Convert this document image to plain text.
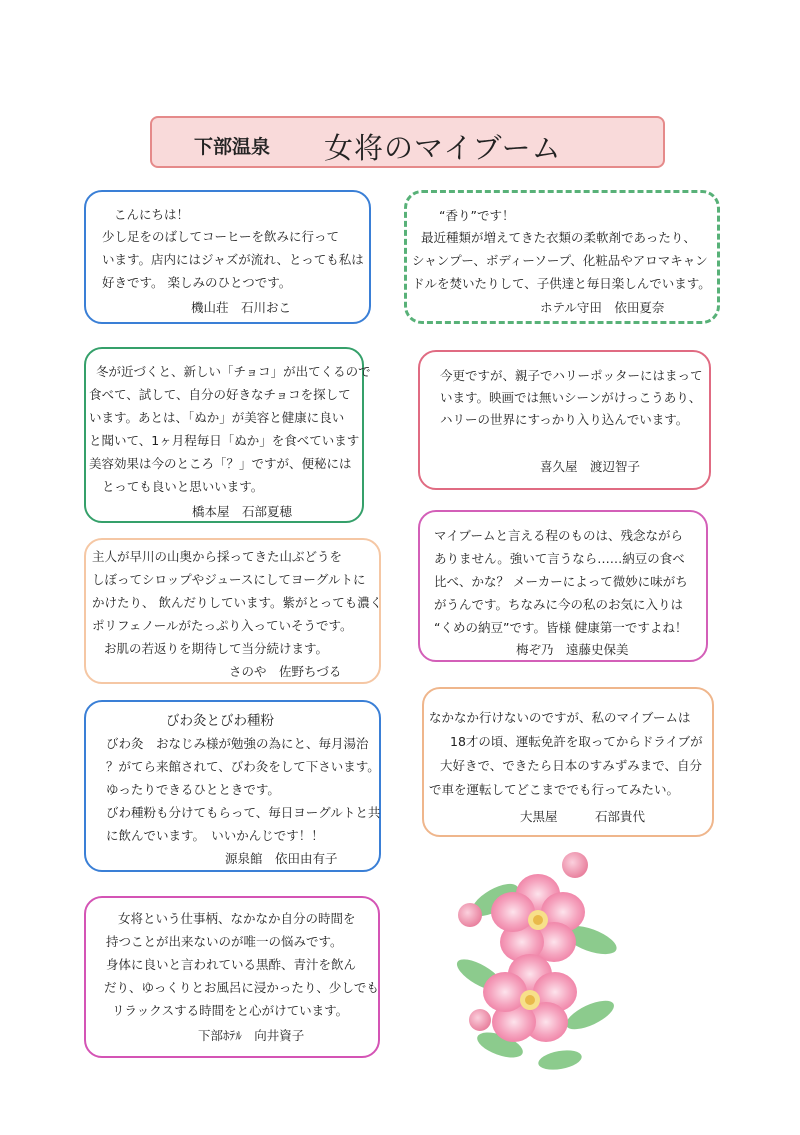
下部温泉 女将のマイブーム

こんにちは！

少し足をのばしてコーヒーを飲みに行って

います。店内にはジャズが流れ、とっても私は

好きです。 楽しみのひとつです。

機山荘　石川おこ

“香り”です！

最近種類が増えてきた衣類の柔軟剤であったり、

シャンプー、ボディーソープ、化粧品やアロマキャン

ドルを焚いたりして、子供達と毎日楽しんでいます。

ホテル守田　依田夏奈

冬が近づくと、新しい「チョコ」が出てくるので

食べて、試して、自分の好きなチョコを探して

います。あとは、「ぬか」が美容と健康に良い

と聞いて、1ヶ月程毎日「ぬか」を食べています

美容効果は今のところ「？」ですが、便秘には

とっても良いと思いいます。

橋本屋　石部夏穂

今更ですが、親子でハリーポッターにはまって

います。映画では無いシーンがけっこうあり、

ハリーの世界にすっかり入り込んでいます。

喜久屋　渡辺智子

主人が早川の山奥から採ってきた山ぶどうを

しぼってシロップやジュースにしてヨーグルトに

かけたり、 飲んだりしています。紫がとっても濃く

ポリフェノールがたっぷり入っていそうです。

お肌の若返りを期待して当分続けます。

さのや　佐野ちづる

マイブームと言える程のものは、残念ながら

ありません。強いて言うなら……納豆の食べ

比べ、かな？ メーカーによって微妙に味がち

がうんです。ちなみに今の私のお気に入りは

“くめの納豆”です。皆様 健康第一ですよね！

梅ぞ乃　遠藤史保美

びわ灸とびわ種粉

びわ灸　おなじみ様が勉強の為にと、毎月湯治

？がてら来館されて、びわ灸をして下さいます。

ゆったりできるひとときです。

びわ種粉も分けてもらって、毎日ヨーグルトと共

に飲んでいます。　いいかんじです！！

源泉館　依田由有子

なかなか行けないのですが、私のマイブームは

18才の頃、運転免許を取ってからドライブが

大好きで、できたら日本のすみずみまで、自分

で車を運転してどこまででも行ってみたい。

大黒屋　　　石部貴代

女将という仕事柄、なかなか自分の時間を

持つことが出来ないのが唯一の悩みです。

身体に良いと言われている黒酢、青汁を飲ん

だり、ゆっくりとお風呂に浸かったり、少しでも

リラックスする時間をと心がけています。

下部ﾎﾃﾙ　向井資子
